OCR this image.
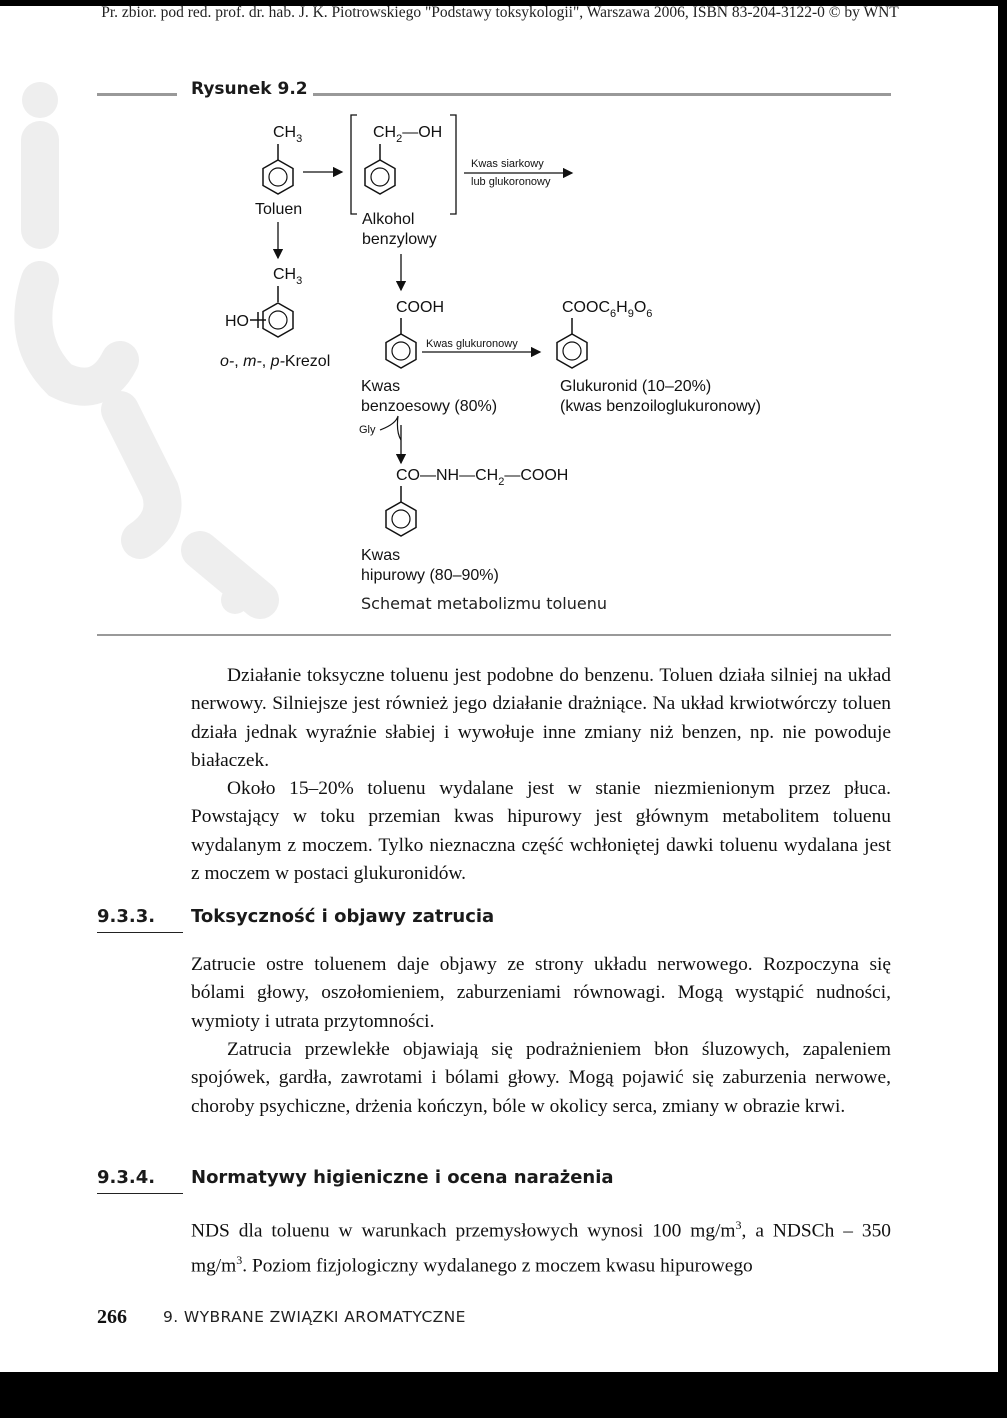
Pr. zbior. pod red. prof. dr. hab. J. K. Piotrowskiego "Podstawy toksykologii", Warszawa 2006, ISBN 83-204-3122-0 © by WNT
Rysunek 9.2
$CH_3$
Toluen
$CH_2—OH$
Alkohol
benzylowy
Kwas siarkowy
lub glukoronowy
$CH_3$
HO
o-, m-, p-Krezol
COOH
Kwas
benzoesowy (80%)
Kwas glukuronowy
$COOC_6H_9O_6$
Glukuronid (10–20%)
(kwas benzoiloglukuronowy)
Gly
$CO—NH—CH_2—COOH$
Kwas
hipurowy (80–90%)
Schemat metabolizmu toluenu

Działanie toksyczne toluenu jest podobne do benzenu. Toluen działa silniej na układ nerwowy. Silniejsze jest również jego działanie drażniące. Na układ krwiotwórczy toluen działa jednak wyraźnie słabiej i wywołuje inne zmiany niż benzen, np. nie powoduje białaczek.

Około 15–20% toluenu wydalane jest w stanie niezmienionym przez płuca. Powstający w toku przemian kwas hipurowy jest głównym metabolitem toluenu wydalanym z moczem. Tylko nieznaczna część wchłoniętej dawki toluenu wydalana jest z moczem w postaci glukuronidów.

9.3.3. Toksyczność i objawy zatrucia

Zatrucie ostre toluenem daje objawy ze strony układu nerwowego. Rozpoczyna się bólami głowy, oszołomieniem, zaburzeniami równowagi. Mogą wystąpić nudności, wymioty i utrata przytomności.

Zatrucia przewlekłe objawiają się podrażnieniem błon śluzowych, zapaleniem spojówek, gardła, zawrotami i bólami głowy. Mogą pojawić się zaburzenia nerwowe, choroby psychiczne, drżenia kończyn, bóle w okolicy serca, zmiany w obrazie krwi.

9.3.4. Normatywy higieniczne i ocena narażenia

NDS dla toluenu w warunkach przemysłowych wynosi 100 $mg/m^3$, a NDSCh – 350 $mg/m^3$. Poziom fizjologiczny wydalanego z moczem kwasu hipurowego

266 9. WYBRANE ZWIĄZKI AROMATYCZNE
